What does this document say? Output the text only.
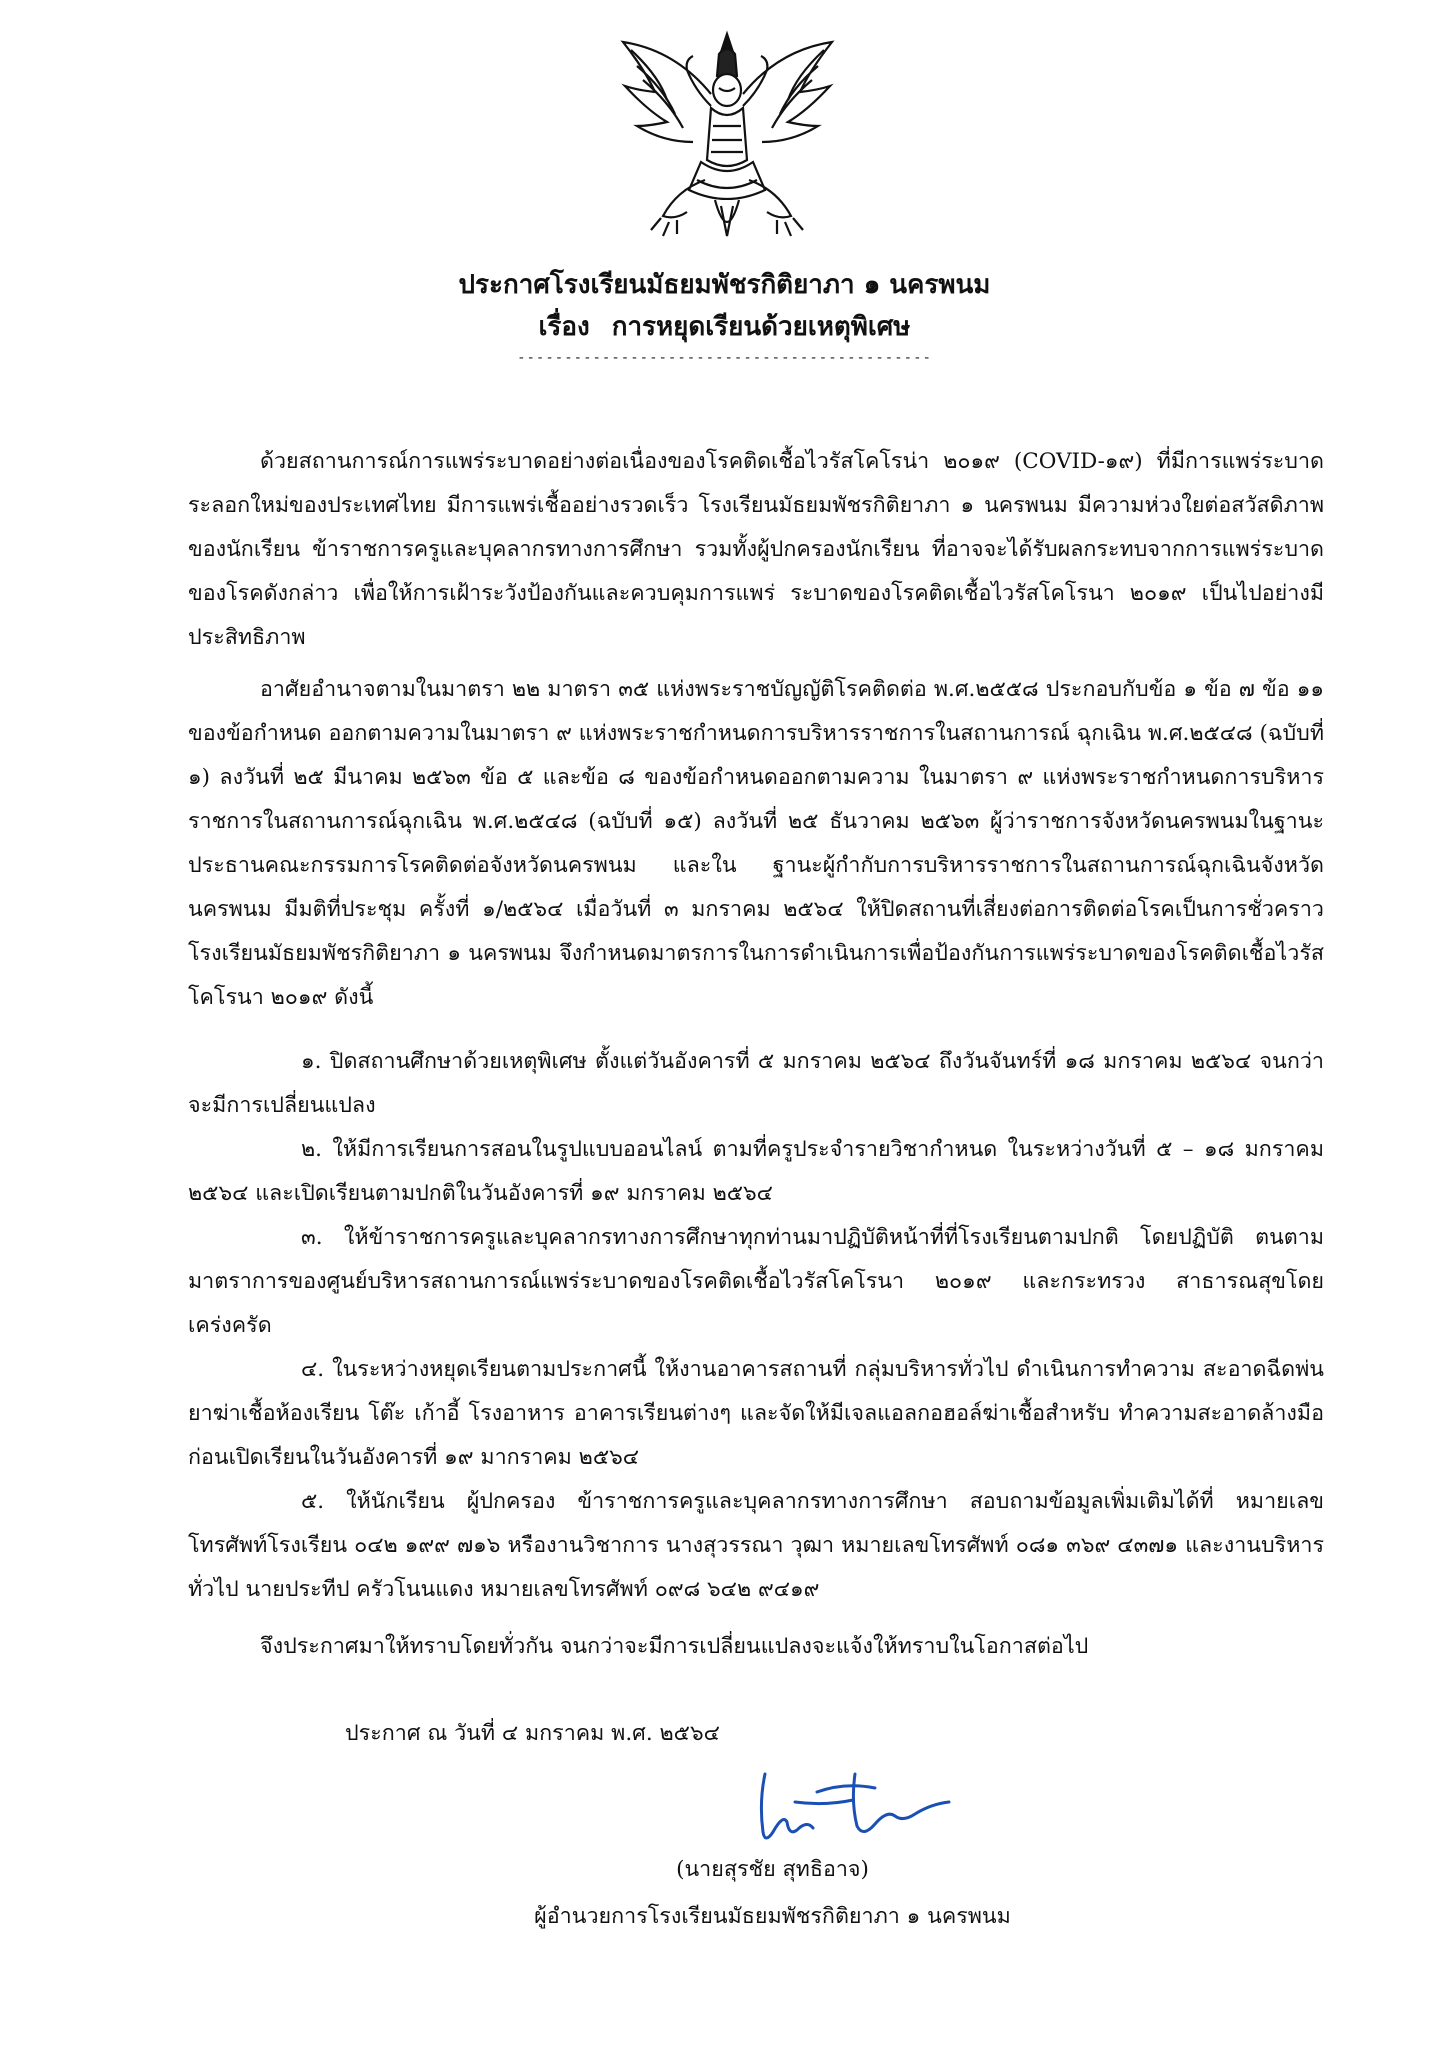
ประกาศโรงเรียนมัธยมพัชรกิติยาภา ๑ นครพนม
เรื่อง การหยุดเรียนด้วยเหตุพิเศษ
--------------------------------------------
ด้วยสถานการณ์การแพร่ระบาดอย่างต่อเนื่องของโรคติดเชื้อไวรัสโคโรน่า ๒๐๑๙ (COVID-๑๙) ที่มีการแพร่ระบาดระลอกใหม่ของประเทศไทย มีการแพร่เชื้ออย่างรวดเร็ว โรงเรียนมัธยมพัชรกิติยาภา ๑ นครพนม มีความห่วงใยต่อสวัสดิภาพของนักเรียน ข้าราชการครูและบุคลากรทางการศึกษา รวมทั้งผู้ปกครองนักเรียน ที่อาจจะได้รับผลกระทบจากการแพร่ระบาดของโรคดังกล่าว เพื่อให้การเฝ้าระวังป้องกันและควบคุมการแพร่ ระบาดของโรคติดเชื้อไวรัสโคโรนา ๒๐๑๙ เป็นไปอย่างมีประสิทธิภาพ
อาศัยอำนาจตามในมาตรา ๒๒ มาตรา ๓๕ แห่งพระราชบัญญัติโรคติดต่อ พ.ศ.๒๕๕๘ ประกอบกับข้อ ๑ ข้อ ๗ ข้อ ๑๑ ของข้อกำหนด ออกตามความในมาตรา ๙ แห่งพระราชกำหนดการบริหารราชการในสถานการณ์ ฉุกเฉิน พ.ศ.๒๕๔๘ (ฉบับที่ ๑) ลงวันที่ ๒๕ มีนาคม ๒๕๖๓ ข้อ ๕ และข้อ ๘ ของข้อกำหนดออกตามความ ในมาตรา ๙ แห่งพระราชกำหนดการบริหารราชการในสถานการณ์ฉุกเฉิน พ.ศ.๒๕๔๘ (ฉบับที่ ๑๕) ลงวันที่ ๒๕ ธันวาคม ๒๕๖๓ ผู้ว่าราชการจังหวัดนครพนมในฐานะประธานคณะกรรมการโรคติดต่อจังหวัดนครพนม และใน ฐานะผู้กำกับการบริหารราชการในสถานการณ์ฉุกเฉินจังหวัดนครพนม มีมติที่ประชุม ครั้งที่ ๑/๒๕๖๔ เมื่อวันที่ ๓ มกราคม ๒๕๖๔ ให้ปิดสถานที่เสี่ยงต่อการติดต่อโรคเป็นการชั่วคราว โรงเรียนมัธยมพัชรกิติยาภา ๑ นครพนม จึงกำหนดมาตรการในการดำเนินการเพื่อป้องกันการแพร่ระบาดของโรคติดเชื้อไวรัสโคโรนา ๒๐๑๙ ดังนี้
๑. ปิดสถานศึกษาด้วยเหตุพิเศษ ตั้งแต่วันอังคารที่ ๕ มกราคม ๒๕๖๔ ถึงวันจันทร์ที่ ๑๘ มกราคม ๒๕๖๔ จนกว่าจะมีการเปลี่ยนแปลง
๒. ให้มีการเรียนการสอนในรูปแบบออนไลน์ ตามที่ครูประจำรายวิชากำหนด ในระหว่างวันที่ ๕ – ๑๘ มกราคม ๒๕๖๔ และเปิดเรียนตามปกติในวันอังคารที่ ๑๙ มกราคม ๒๕๖๔
๓. ให้ข้าราชการครูและบุคลากรทางการศึกษาทุกท่านมาปฏิบัติหน้าที่ที่โรงเรียนตามปกติ โดยปฏิบัติ ตนตามมาตราการของศูนย์บริหารสถานการณ์แพร่ระบาดของโรคติดเชื้อไวรัสโคโรนา ๒๐๑๙ และกระทรวง สาธารณสุขโดยเคร่งครัด
๔. ในระหว่างหยุดเรียนตามประกาศนี้ ให้งานอาคารสถานที่ กลุ่มบริหารทั่วไป ดำเนินการทำความ สะอาดฉีดพ่นยาฆ่าเชื้อห้องเรียน โต๊ะ เก้าอี้ โรงอาหาร อาคารเรียนต่างๆ และจัดให้มีเจลแอลกอฮอล์ฆ่าเชื้อสำหรับ ทำความสะอาดล้างมือ ก่อนเปิดเรียนในวันอังคารที่ ๑๙ มากราคม ๒๕๖๔
๕. ให้นักเรียน ผู้ปกครอง ข้าราชการครูและบุคลากรทางการศึกษา สอบถามข้อมูลเพิ่มเติมได้ที่ หมายเลขโทรศัพท์โรงเรียน ๐๔๒ ๑๙๙ ๗๑๖ หรืองานวิชาการ นางสุวรรณา วุฒา หมายเลขโทรศัพท์ ๐๘๑ ๓๖๙ ๔๓๗๑ และงานบริหารทั่วไป นายประทีป ครัวโนนแดง หมายเลขโทรศัพท์ ๐๙๘ ๖๔๒ ๙๔๑๙
จึงประกาศมาให้ทราบโดยทั่วกัน จนกว่าจะมีการเปลี่ยนแปลงจะแจ้งให้ทราบในโอกาสต่อไป
ประกาศ ณ วันที่ ๔ มกราคม พ.ศ. ๒๕๖๔
(นายสุรชัย สุทธิอาจ)
ผู้อำนวยการโรงเรียนมัธยมพัชรกิติยาภา ๑ นครพนม
